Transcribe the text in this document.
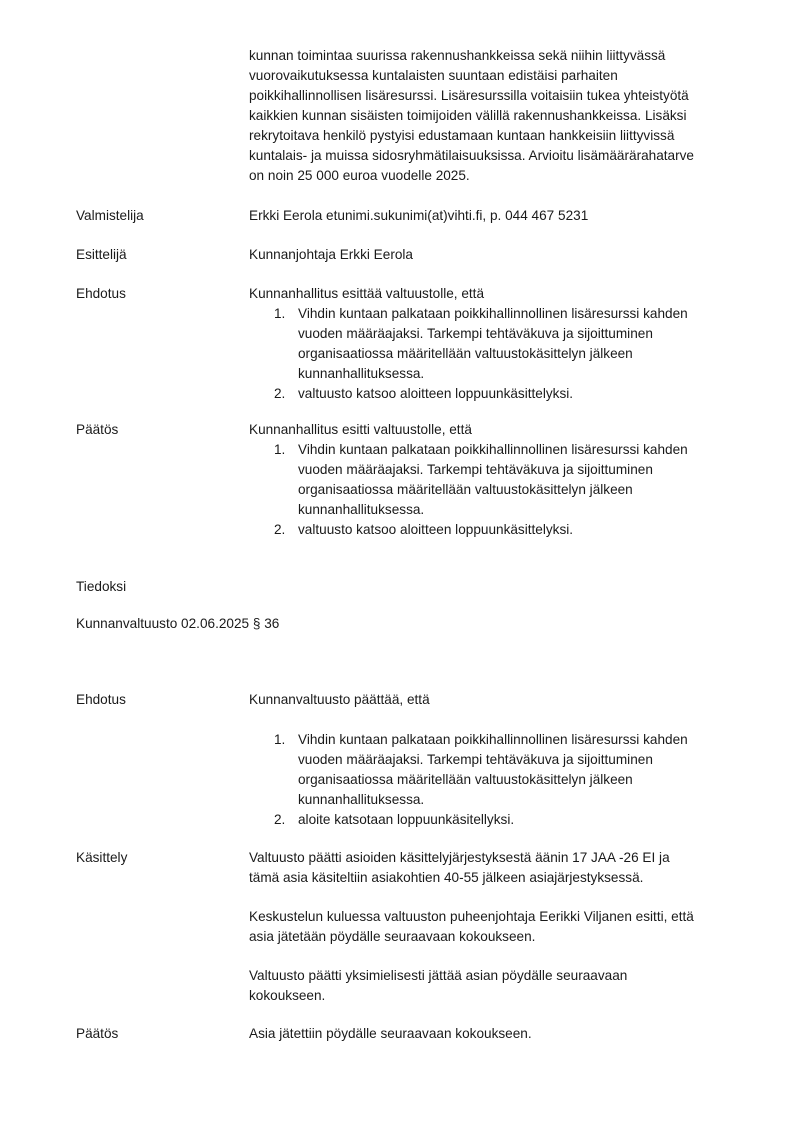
kunnan toimintaa suurissa rakennushankkeissa sekä niihin liittyvässä
vuorovaikutuksessa kuntalaisten suuntaan edistäisi parhaiten
poikkihallinnollisen lisäresurssi. Lisäresurssilla voitaisiin tukea yhteistyötä
kaikkien kunnan sisäisten toimijoiden välillä rakennushankkeissa. Lisäksi
rekrytoitava henkilö pystyisi edustamaan kuntaan hankkeisiin liittyvissä
kuntalais- ja muissa sidosryhmätilaisuuksissa. Arvioitu lisämäärärahatarve
on noin 25 000 euroa vuodelle 2025.
Valmistelija	Erkki Eerola etunimi.sukunimi(at)vihti.fi, p. 044 467 5231
Esittelijä	Kunnanjohtaja Erkki Eerola
Ehdotus	Kunnanhallitus esittää valtuustolle, että
1. Vihdin kuntaan palkataan poikkihallinnollinen lisäresurssi kahden
vuoden määräajaksi. Tarkempi tehtäväkuva ja sijoittuminen
organisaatiossa määritellään valtuustokäsittelyn jälkeen
kunnanhallituksessa.
2. valtuusto katsoo aloitteen loppuunkäsittelyksi.
Päätös	Kunnanhallitus esitti valtuustolle, että
1. Vihdin kuntaan palkataan poikkihallinnollinen lisäresurssi kahden
vuoden määräajaksi. Tarkempi tehtäväkuva ja sijoittuminen
organisaatiossa määritellään valtuustokäsittelyn jälkeen
kunnanhallituksessa.
2. valtuusto katsoo aloitteen loppuunkäsittelyksi.
Tiedoksi
Kunnanvaltuusto 02.06.2025 § 36
Ehdotus	Kunnanvaltuusto päättää, että
1. Vihdin kuntaan palkataan poikkihallinnollinen lisäresurssi kahden
vuoden määräajaksi. Tarkempi tehtäväkuva ja sijoittuminen
organisaatiossa määritellään valtuustokäsittelyn jälkeen
kunnanhallituksessa.
2. aloite katsotaan loppuunkäsitellyksi.
Käsittely	Valtuusto päätti asioiden käsittelyjärjestyksestä äänin 17 JAA -26 EI ja
tämä asia käsiteltiin asiakohtien 40-55 jälkeen asiajärjestyksessä.
Keskustelun kuluessa valtuuston puheenjohtaja Eerikki Viljanen esitti, että
asia jätetään pöydälle seuraavaan kokoukseen.
Valtuusto päätti yksimielisesti jättää asian pöydälle seuraavaan
kokoukseen.
Päätös	Asia jätettiin pöydälle seuraavaan kokoukseen.
